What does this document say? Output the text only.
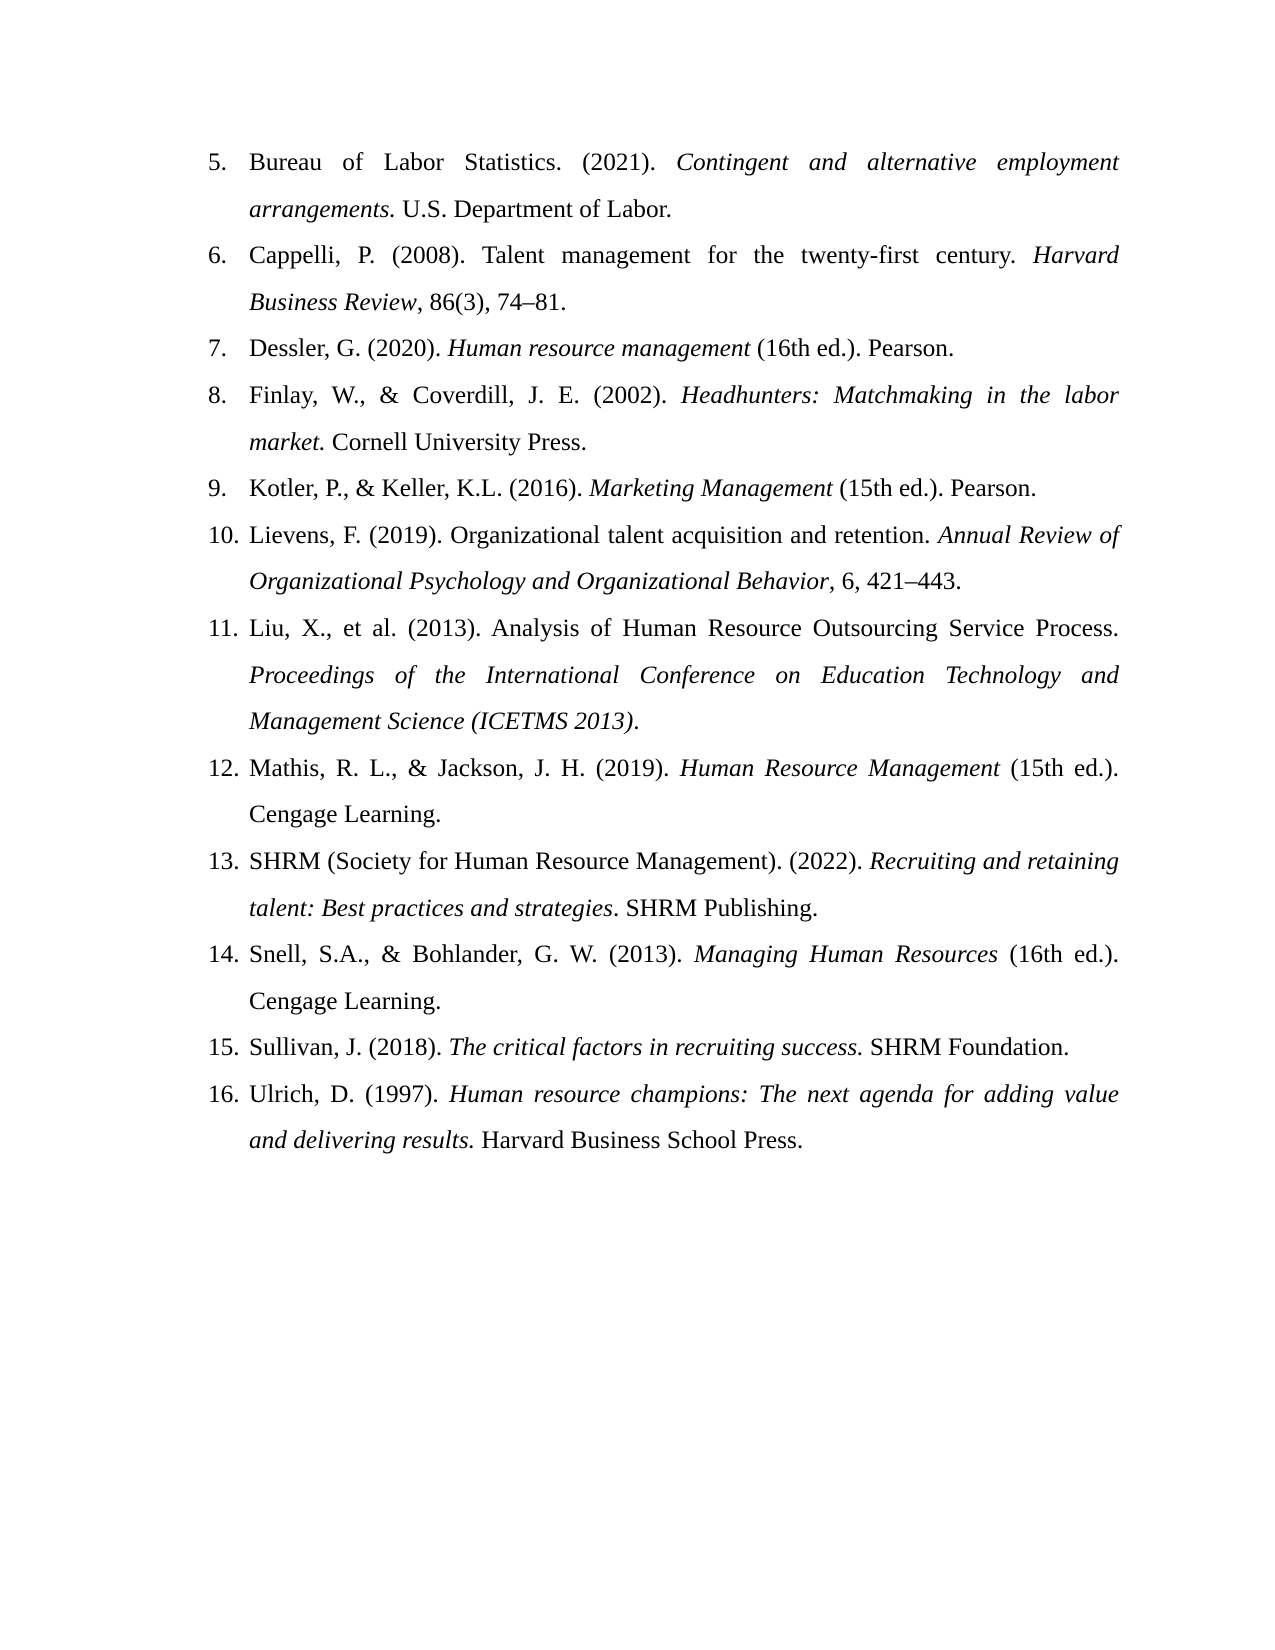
5. Bureau of Labor Statistics. (2021). Contingent and alternative employment arrangements. U.S. Department of Labor.

6. Cappelli, P. (2008). Talent management for the twenty-first century. Harvard Business Review, 86(3), 74–81.

7. Dessler, G. (2020). Human resource management (16th ed.). Pearson.

8. Finlay, W., & Coverdill, J. E. (2002). Headhunters: Matchmaking in the labor market. Cornell University Press.

9. Kotler, P., & Keller, K.L. (2016). Marketing Management (15th ed.). Pearson.

10. Lievens, F. (2019). Organizational talent acquisition and retention. Annual Review of Organizational Psychology and Organizational Behavior, 6, 421–443.

11. Liu, X., et al. (2013). Analysis of Human Resource Outsourcing Service Process. Proceedings of the International Conference on Education Technology and Management Science (ICETMS 2013).

12. Mathis, R. L., & Jackson, J. H. (2019). Human Resource Management (15th ed.). Cengage Learning.

13. SHRM (Society for Human Resource Management). (2022). Recruiting and retaining talent: Best practices and strategies. SHRM Publishing.

14. Snell, S.A., & Bohlander, G. W. (2013). Managing Human Resources (16th ed.). Cengage Learning.

15. Sullivan, J. (2018). The critical factors in recruiting success. SHRM Foundation.

16. Ulrich, D. (1997). Human resource champions: The next agenda for adding value and delivering results. Harvard Business School Press.
